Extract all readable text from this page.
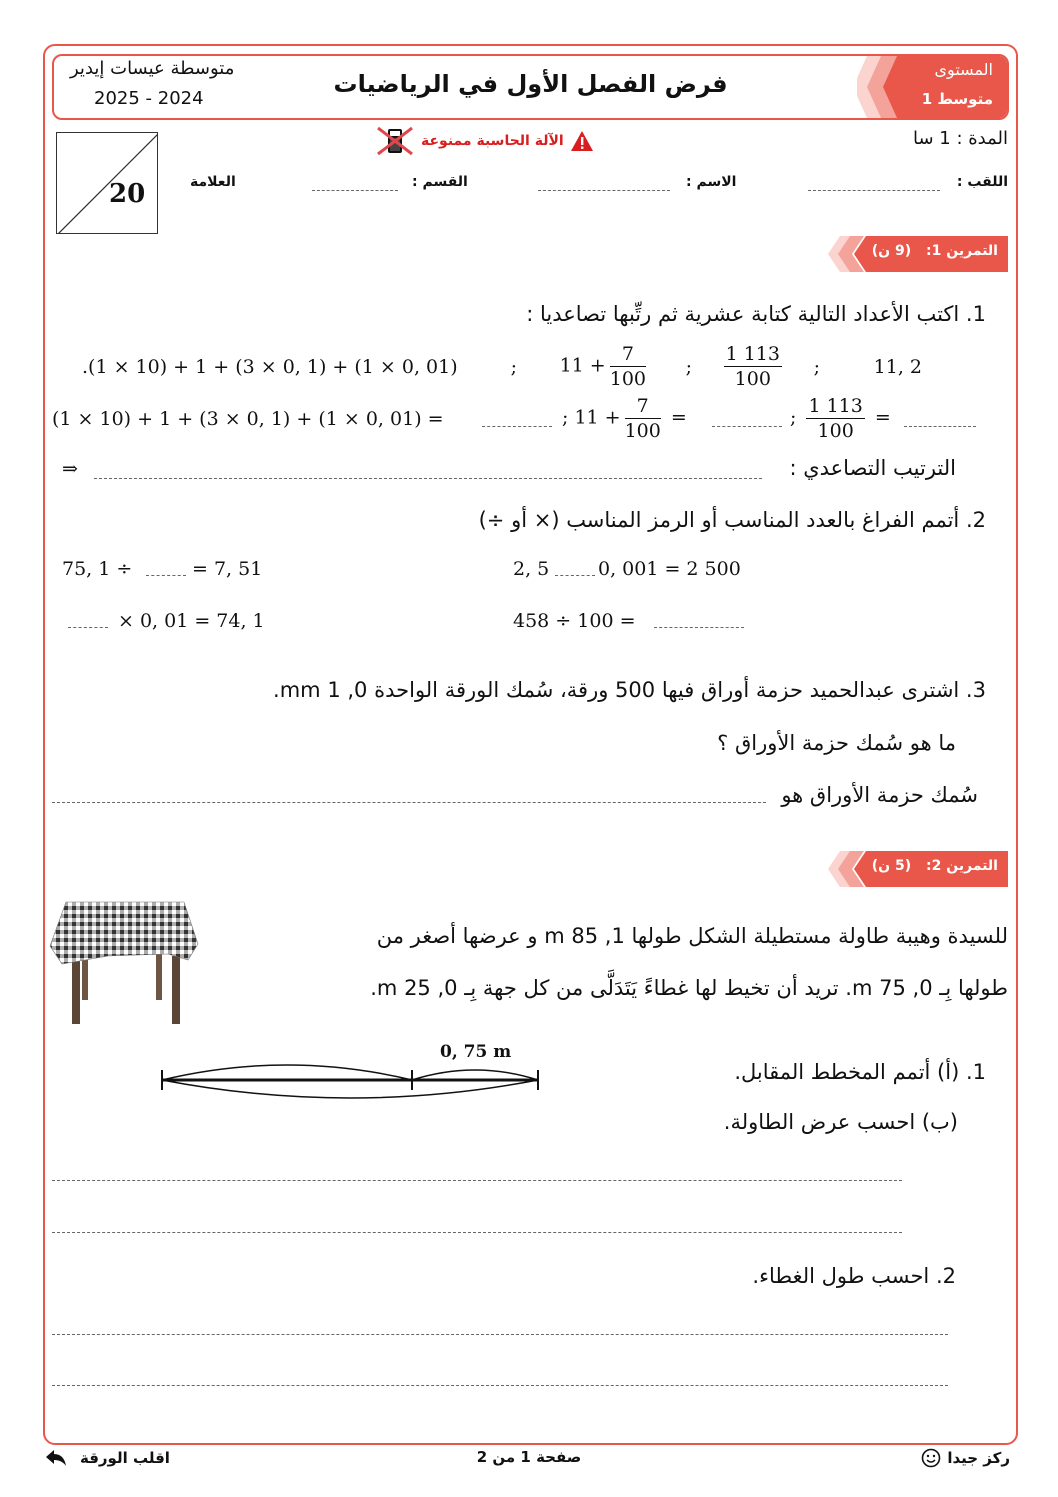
المستوى
1 متوسط
فرض الفصل الأول في الرياضيات
متوسطة عيسات إيدير
2025 - 2024
المدة : 1 سا
الآلة الحاسبة ممنوعة
20	اللقب :
الاسم :
القسم :
العلامة
التمرين 1: (9 ن)
1. اكتب الأعداد التالية كتابة عشرية ثم رتِّبها تصاعديا :
11, 2
;
$\frac{1 113}{100}$
;
$11 + \frac{7}{100}$
;
.(1 × 10) + 1 + (3 × 0, 1) + (1 × 0, 01)
(1 × 10) + 1 + (3 × 0, 1) + (1 × 0, 01) =	; $11 + \frac{7}{100}$ =	; $\frac{1 113}{100}$ =
الترتيب التصاعدي :
⇒
2. أتمم الفراغ بالعدد المناسب أو الرمز المناسب (× أو ÷)
75, 1 ÷	= 7, 51	2, 5	0, 001 = 2 500
× 0, 01 = 74, 1	458 ÷ 100 =
3. اشترى عبدالحميد حزمة أوراق فيها 500 ورقة، سُمك الورقة الواحدة 0, 1 mm.
ما هو سُمك حزمة الأوراق ؟
سُمك حزمة الأوراق هو
التمرين 2: (5 ن)
للسيدة وهيبة طاولة مستطيلة الشكل طولها 1, 85 m و عرضها أصغر من
طولها بِـ 0, 75 m. تريد أن تخيط لها غطاءً يَتَدَلَّى من كل جهة بِـ 0, 25 m.
0, 75 m
1. (أ) أتمم المخطط المقابل.
(ب) احسب عرض الطاولة.
2. احسب طول الغطاء.
ركز جيدا
صفحة 1 من 2
اقلب الورقة
